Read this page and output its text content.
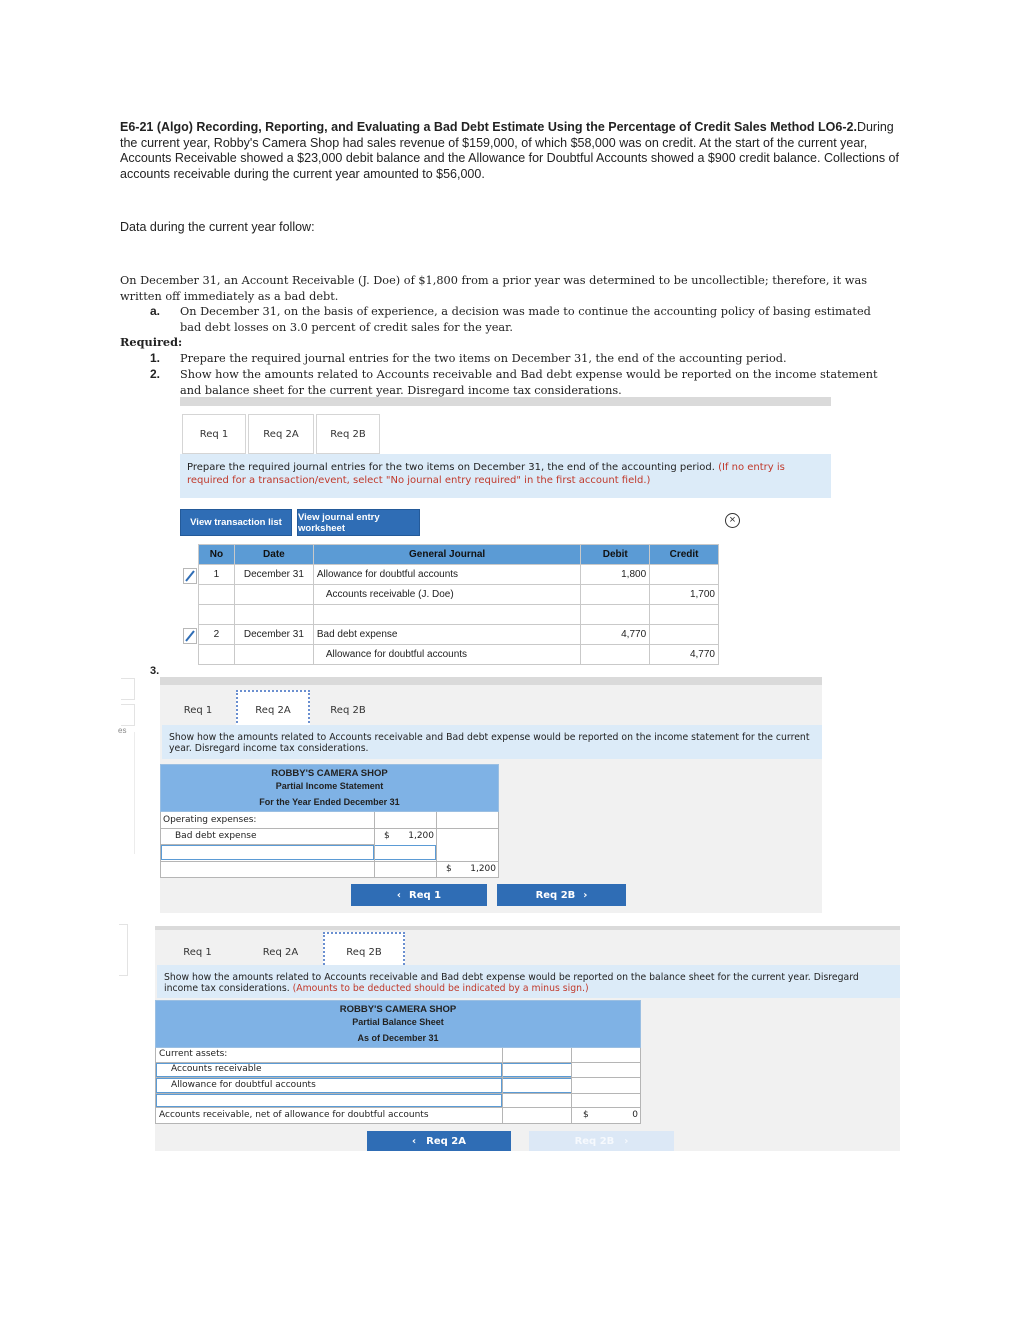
E6-21 (Algo) Recording, Reporting, and Evaluating a Bad Debt Estimate Using the Percentage of Credit Sales Method LO6-2.During the current year, Robby's Camera Shop had sales revenue of $159,000, of which $58,000 was on credit. At the start of the current year, Accounts Receivable showed a $23,000 debit balance and the Allowance for Doubtful Accounts showed a $900 credit balance. Collections of accounts receivable during the current year amounted to $56,000.
Data during the current year follow:
On December 31, an Account Receivable (J. Doe) of $1,800 from a prior year was determined to be uncollectible; therefore, it was written off immediately as a bad debt.
a. On December 31, on the basis of experience, a decision was made to continue the accounting policy of basing estimated bad debt losses on 3.0 percent of credit sales for the year.
Required:
1. Prepare the required journal entries for the two items on December 31, the end of the accounting period.
2. Show how the amounts related to Accounts receivable and Bad debt expense would be reported on the income statement and balance sheet for the current year. Disregard income tax considerations.
Req 1	Req 2A	Req 2B
Prepare the required journal entries for the two items on December 31, the end of the accounting period. (If no entry is required for a transaction/event, select "No journal entry required" in the first account field.)
View transaction list	View journal entry worksheet
×
No	Date	General Journal	Debit	Credit
1	December 31	Allowance for doubtful accounts	1,800	
		Accounts receivable (J. Doe)		1,700

2	December 31	Bad debt expense	4,770	
		Allowance for doubtful accounts		4,770
3.
es
Req 1	Req 2A	Req 2B
Show how the amounts related to Accounts receivable and Bad debt expense would be reported on the income statement for the current year. Disregard income tax considerations.
ROBBY'S CAMERA SHOP
Partial Income Statement
For the Year Ended December 31
Operating expenses:
Bad debt expense	$ 1,200
$	1,200
‹ Req 1	Req 2B ›
Req 1	Req 2A	Req 2B
Show how the amounts related to Accounts receivable and Bad debt expense would be reported on the balance sheet for the current year. Disregard income tax considerations. (Amounts to be deducted should be indicated by a minus sign.)
ROBBY'S CAMERA SHOP
Partial Balance Sheet
As of December 31
Current assets:
Accounts receivable
Allowance for doubtful accounts
Accounts receivable, net of allowance for doubtful accounts	$	0
‹ Req 2A	Req 2B ›
